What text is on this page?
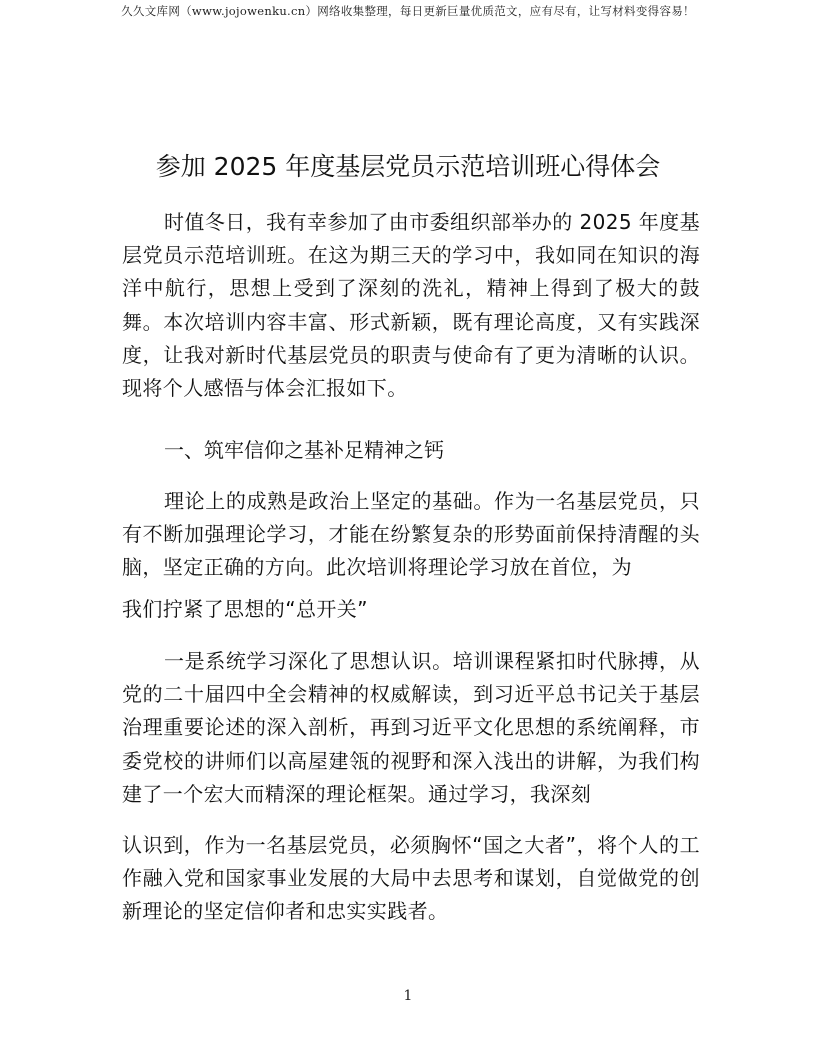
久久文库网（www.jojowenku.cn）网络收集整理，每日更新巨量优质范文，应有尽有，让写材料变得容易！
参加 2025 年度基层党员示范培训班心得体会
时值冬日，我有幸参加了由市委组织部举办的 2025 年度基层党员示范培训班。在这为期三天的学习中，我如同在知识的海洋中航行，思想上受到了深刻的洗礼，精神上得到了极大的鼓舞。本次培训内容丰富、形式新颖，既有理论高度，又有实践深度，让我对新时代基层党员的职责与使命有了更为清晰的认识。现将个人感悟与体会汇报如下。
一、筑牢信仰之基补足精神之钙
理论上的成熟是政治上坚定的基础。作为一名基层党员，只有不断加强理论学习，才能在纷繁复杂的形势面前保持清醒的头脑，坚定正确的方向。此次培训将理论学习放在首位，为
我们拧紧了思想的“总开关”
一是系统学习深化了思想认识。培训课程紧扣时代脉搏，从党的二十届四中全会精神的权威解读，到习近平总书记关于基层治理重要论述的深入剖析，再到习近平文化思想的系统阐释，市委党校的讲师们以高屋建瓴的视野和深入浅出的讲解，为我们构建了一个宏大而精深的理论框架。通过学习，我深刻
认识到，作为一名基层党员，必须胸怀“国之大者”，将个人的工作融入党和国家事业发展的大局中去思考和谋划，自觉做党的创新理论的坚定信仰者和忠实实践者。
1
